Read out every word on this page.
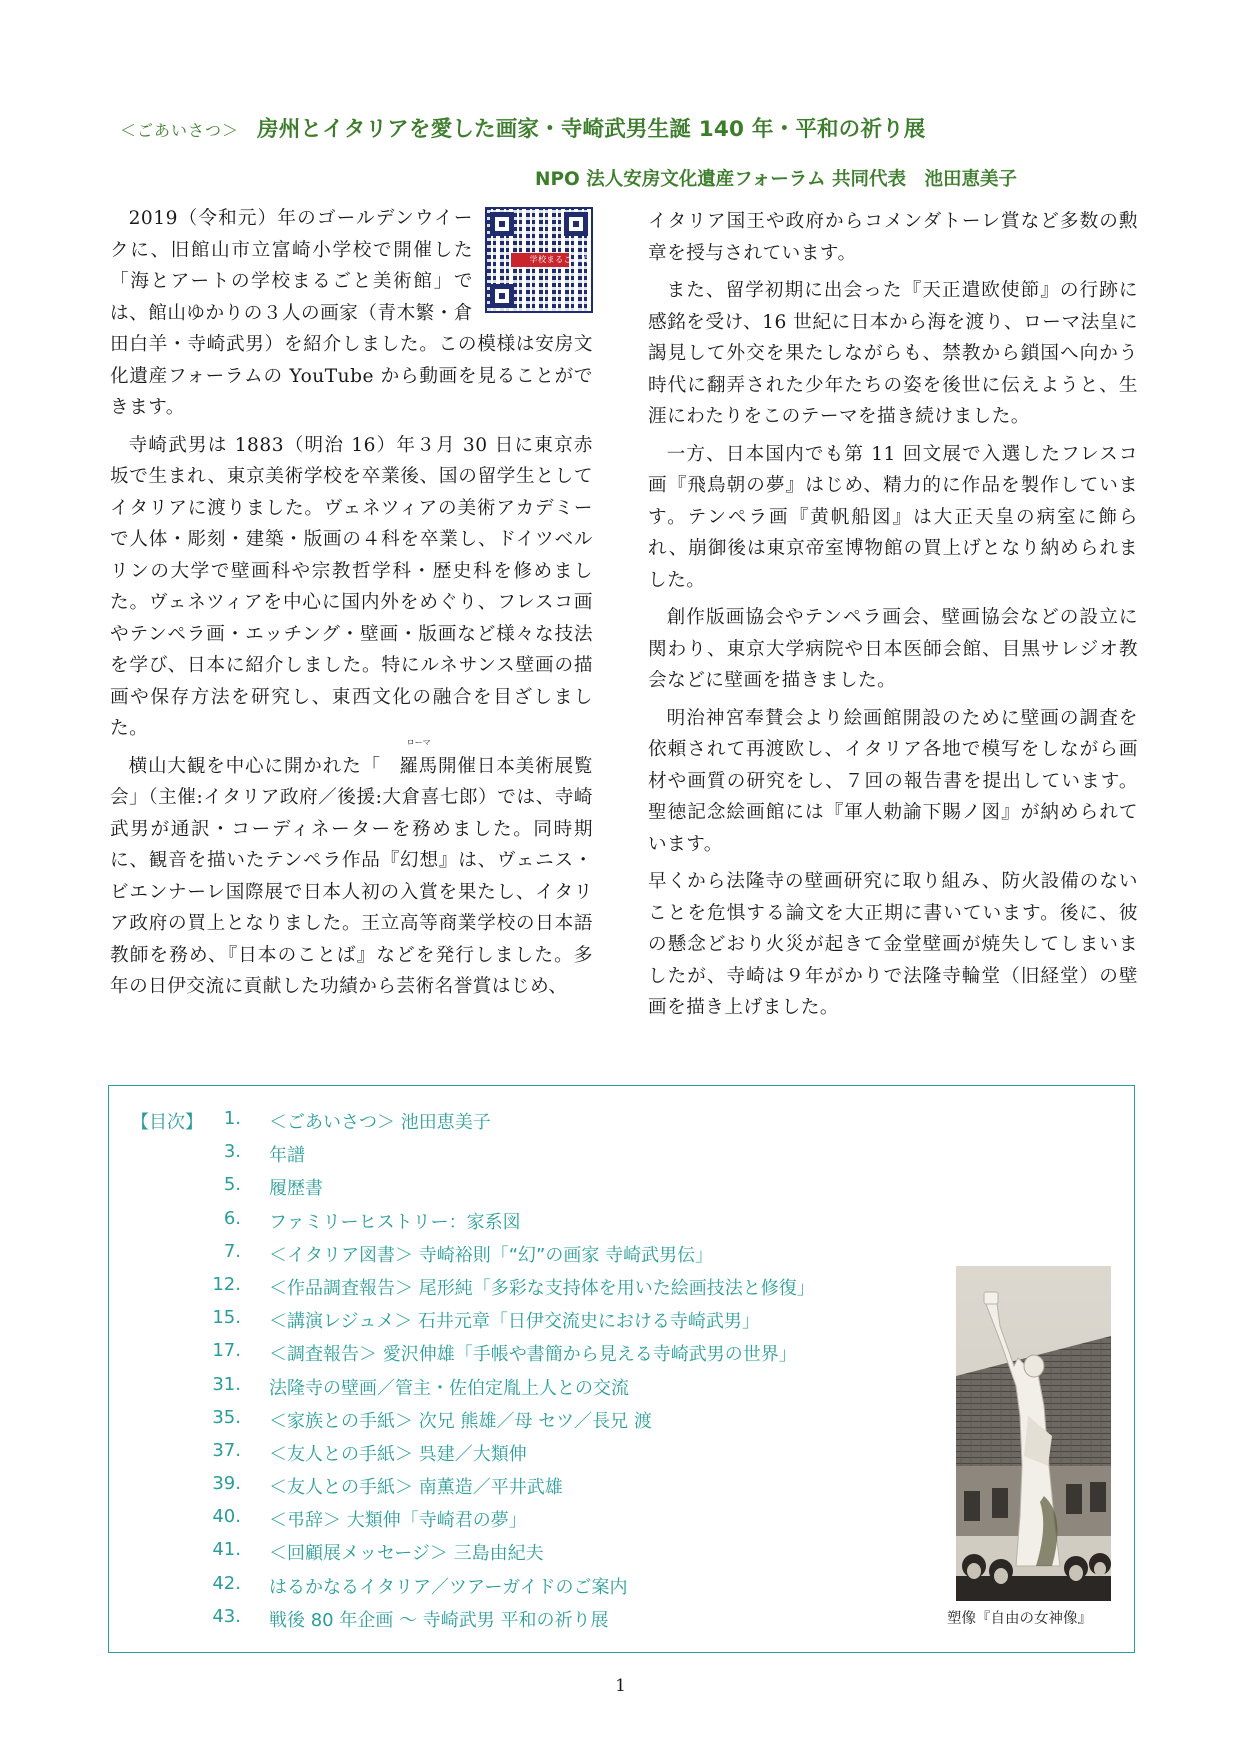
＜ごあいさつ＞ 房州とイタリアを愛した画家・寺崎武男生誕 140 年・平和の祈り展
NPO 法人安房文化遺産フォーラム 共同代表　池田恵美子

学校まるごと美
2019（令和元）年のゴールデンウイークに、旧館山市立富崎小学校で開催した「海とアートの学校まるごと美術館」では、館山ゆかりの３人の画家（青木繁・倉田白羊・寺崎武男）を紹介しました。この模様は安房文化遺産フォーラムの YouTube から動画を見ることができます。

寺崎武男は 1883（明治 16）年３月 30 日に東京赤坂で生まれ、東京美術学校を卒業後、国の留学生としてイタリアに渡りました。ヴェネツィアの美術アカデミーで人体・彫刻・建築・版画の４科を卒業し、ドイツベルリンの大学で壁画科や宗教哲学科・歴史科を修めました。ヴェネツィアを中心に国内外をめぐり、フレスコ画やテンペラ画・エッチング・壁画・版画など様々な技法を学び、日本に紹介しました。特にルネサンス壁画の描画や保存方法を研究し、東西文化の融合を目ざしました。

横山大観を中心に開かれた「
ローマ
羅馬開催日本美術展覧会」（主催:イタリア政府／後援:大倉喜七郎）では、寺崎武男が通訳・コーディネーターを務めました。同時期に、観音を描いたテンペラ作品『幻想』は、ヴェニス・ビエンナーレ国際展で日本人初の入賞を果たし、イタリア政府の買上となりました。王立高等商業学校の日本語教師を務め、『日本のことば』などを発行しました。多年の日伊交流に貢献した功績から芸術名誉賞はじめ、

イタリア国王や政府からコメンダトーレ賞など多数の勲章を授与されています。

また、留学初期に出会った『天正遣欧使節』の行跡に感銘を受け、16 世紀に日本から海を渡り、ローマ法皇に謁見して外交を果たしながらも、禁教から鎖国へ向かう時代に翻弄された少年たちの姿を後世に伝えようと、生涯にわたりをこのテーマを描き続けました。

一方、日本国内でも第 11 回文展で入選したフレスコ画『飛鳥朝の夢』はじめ、精力的に作品を製作しています。テンペラ画『黄帆船図』は大正天皇の病室に飾られ、崩御後は東京帝室博物館の買上げとなり納められました。

創作版画協会やテンペラ画会、壁画協会などの設立に関わり、東京大学病院や日本医師会館、目黒サレジオ教会などに壁画を描きました。

明治神宮奉賛会より絵画館開設のために壁画の調査を依頼されて再渡欧し、イタリア各地で模写をしながら画材や画質の研究をし、７回の報告書を提出しています。聖徳記念絵画館には『軍人勅諭下賜ノ図』が納められています。

早くから法隆寺の壁画研究に取り組み、防火設備のないことを危惧する論文を大正期に書いています。後に、彼の懸念どおり火災が起きて金堂壁画が焼失してしまいましたが、寺崎は９年がかりで法隆寺輪堂（旧経堂）の壁画を描き上げました。

【目次】	1. ＜ごあいさつ＞ 池田恵美子
3. 年譜
5. 履歴書
6. ファミリーヒストリー：家系図
7. ＜イタリア図書＞ 寺崎裕則「“幻”の画家 寺崎武男伝」
12. ＜作品調査報告＞ 尾形純「多彩な支持体を用いた絵画技法と修復」
15. ＜講演レジュメ＞ 石井元章「日伊交流史における寺崎武男」
17. ＜調査報告＞ 愛沢伸雄「手帳や書簡から見える寺崎武男の世界」
31. 法隆寺の壁画／管主・佐伯定胤上人との交流
35. ＜家族との手紙＞ 次兄 熊雄／母 セツ／長兄 渡
37. ＜友人との手紙＞ 呉建／大類伸
39. ＜友人との手紙＞ 南薫造／平井武雄
40. ＜弔辞＞ 大類伸「寺崎君の夢」
41. ＜回顧展メッセージ＞ 三島由紀夫
42. はるかなるイタリア／ツアーガイドのご案内
43. 戦後 80 年企画 ～ 寺崎武男 平和の祈り展	塑像『自由の女神像』
1
